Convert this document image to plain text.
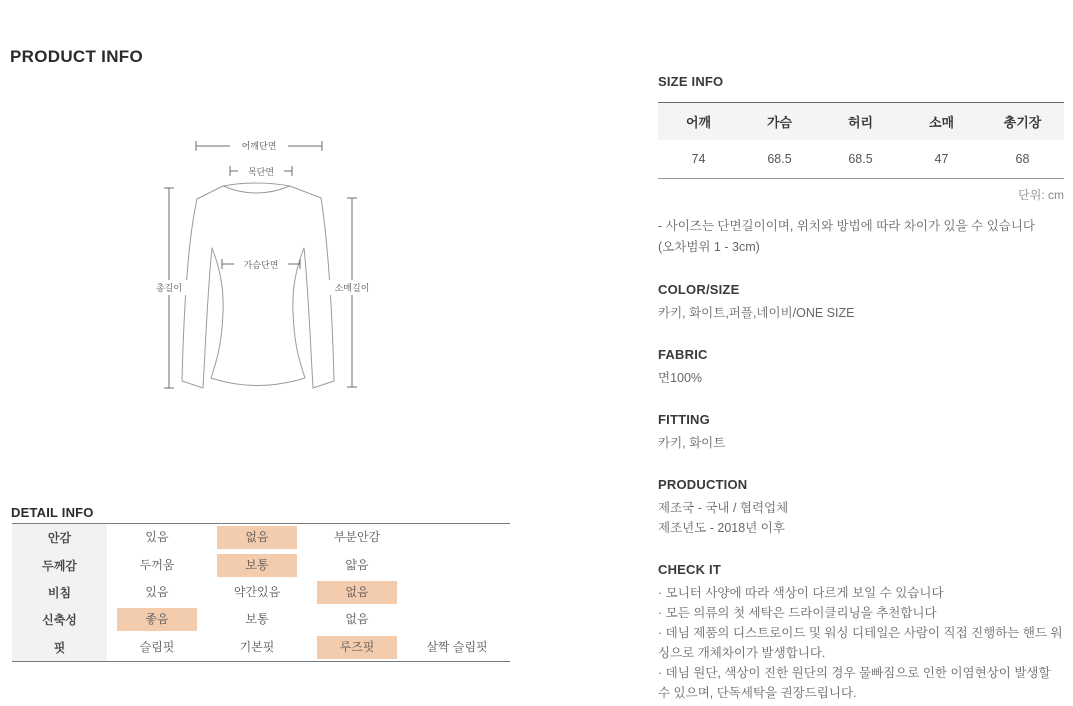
PRODUCT INFO
어깨단면
목단면
가슴단면
총길이	소매길이
DETAIL INFO
안감	있음	없음	부분안감
두께감	두꺼움	보통	얇음
비침	있음	약간있음	없음
신축성	좋음	보통	없음
핏	슬림핏	기본핏	루즈핏	살짝 슬림핏
SIZE INFO
어깨	가슴	허리	소매	총기장
74	68.5	68.5	47	68
단위: cm
- 사이즈는 단면길이이며, 위치와 방법에 따라 차이가 있을 수 있습니다
(오차범위 1 - 3cm)
COLOR/SIZE
카키, 화이트,퍼플,네이비/ONE SIZE
FABRIC
면100%
FITTING
카키, 화이트
PRODUCTION
제조국 - 국내 / 협력업체
제조년도 - 2018년 이후
CHECK IT
· 모니터 사양에 따라 색상이 다르게 보일 수 있습니다
· 모든 의류의 첫 세탁은 드라이클리닝을 추천합니다
· 데님 제품의 디스트로이드 및 워싱 디테일은 사람이 직접 진행하는 핸드 워싱으로 개체차이가 발생합니다.
· 데님 원단, 색상이 진한 원단의 경우 물빠짐으로 인한 이염현상이 발생할 수 있으며, 단독세탁을 권장드립니다.
